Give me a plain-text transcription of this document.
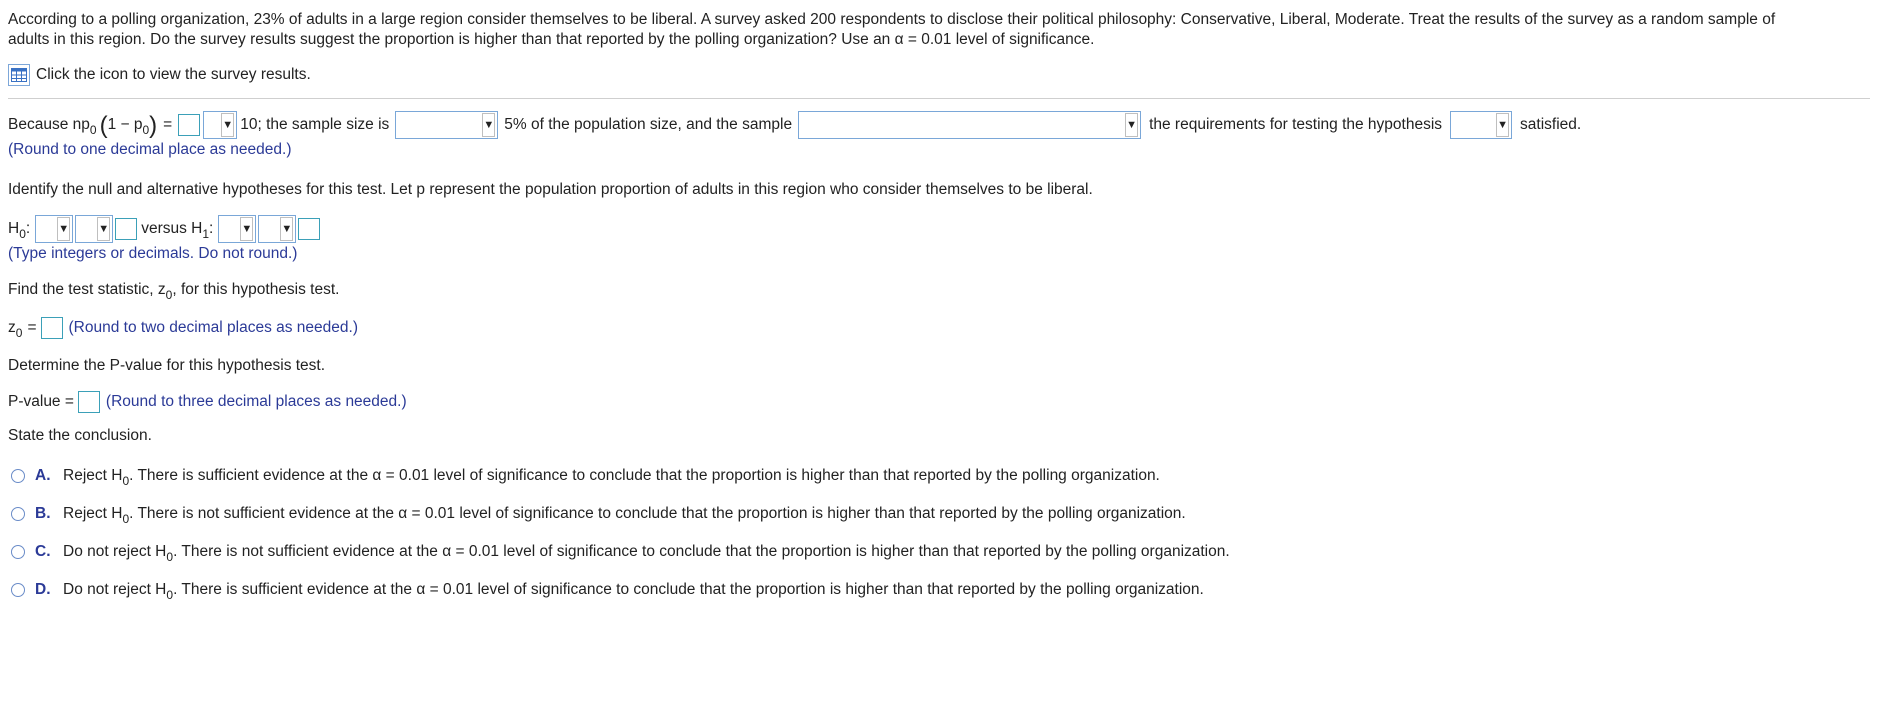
According to a polling organization, 23% of adults in a large region consider themselves to be liberal. A survey asked 200 respondents to disclose their political philosophy: Conservative, Liberal, Moderate. Treat the results of the survey as a random sample of
adults in this region. Do the survey results suggest the proportion is higher than that reported by the polling organization? Use an α = 0.01 level of significance.

Click the icon to view the survey results.
Because np 0 ( 1 − p 0 ) =	▼ 10; the sample size is	▼ 5% of the population size, and the sample	▼ the requirements for testing the hypothesis	▼ satisfied.
(Round to one decimal place as needed.)
Identify the null and alternative hypotheses for this test. Let p represent the population proportion of adults in this region who consider themselves to be liberal.
$H_0$:	▼	▼ versus $H_1$:	▼	▼
(Type integers or decimals. Do not round.)
Find the test statistic, $z_0$, for this hypothesis test.
$z_0$ = (Round to two decimal places as needed.)
Determine the P-value for this hypothesis test.
P-value = (Round to three decimal places as needed.)
State the conclusion.
A. Reject $H_0$. There is sufficient evidence at the α = 0.01 level of significance to conclude that the proportion is higher than that reported by the polling organization.
B. Reject $H_0$. There is not sufficient evidence at the α = 0.01 level of significance to conclude that the proportion is higher than that reported by the polling organization.
C. Do not reject $H_0$. There is not sufficient evidence at the α = 0.01 level of significance to conclude that the proportion is higher than that reported by the polling organization.
D. Do not reject $H_0$. There is sufficient evidence at the α = 0.01 level of significance to conclude that the proportion is higher than that reported by the polling organization.
